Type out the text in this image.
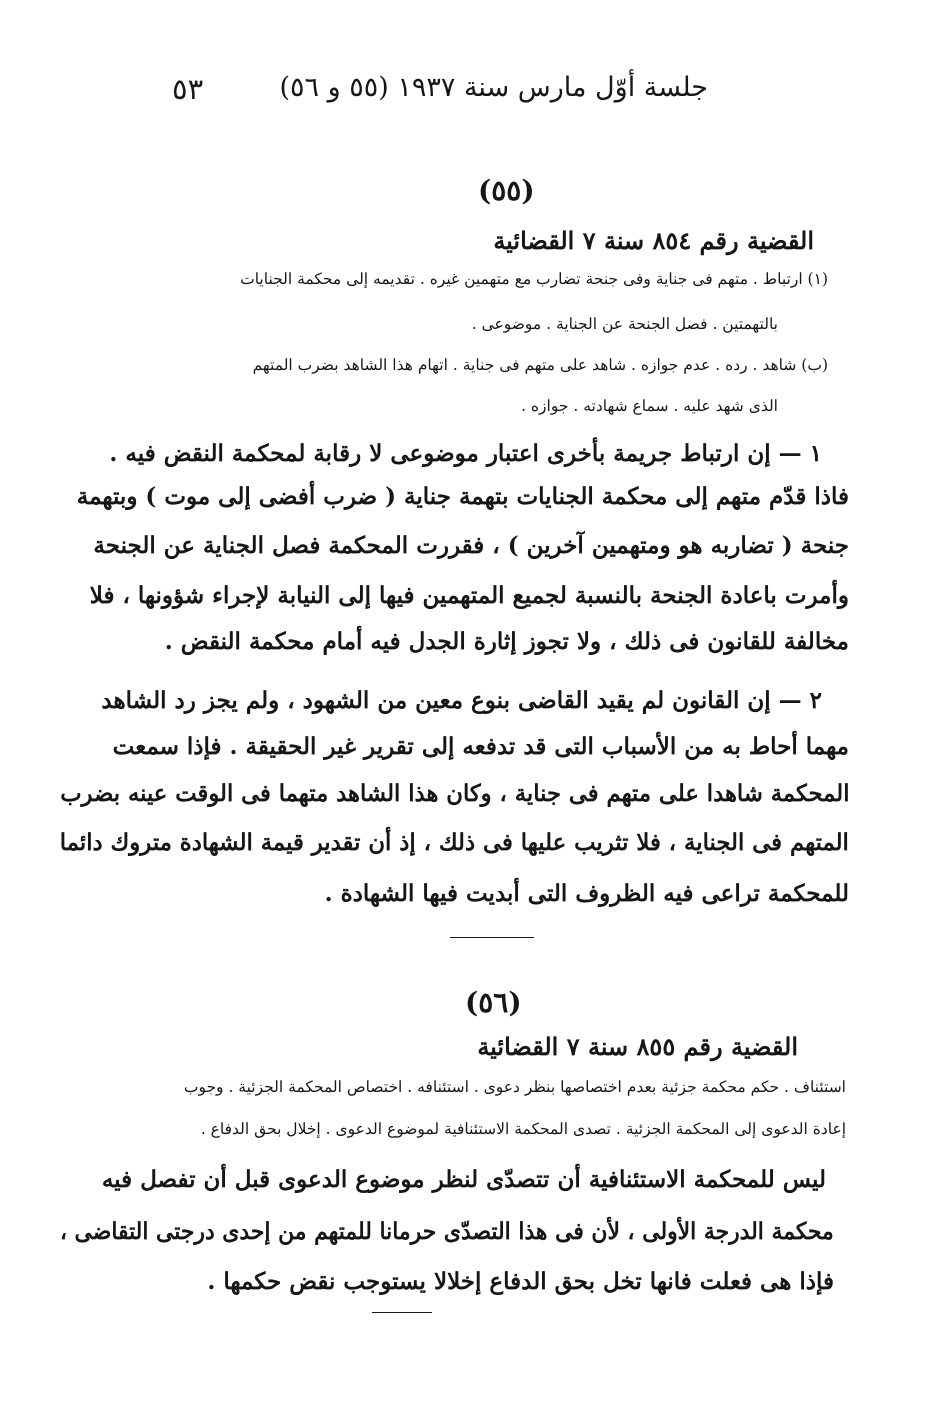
جلسة أوّل مارس سنة ١٩٣٧ (٥٥ و ٥٦)
٥٣
(٥٥)
القضية رقم ٨٥٤ سنة ٧ القضائية
(١) ارتباط . متهم فى جناية وفى جنحة تضارب مع متهمين غيره . تقديمه إلى محكمة الجنايات
بالتهمتين . فصل الجنحة عن الجناية . موضوعى .
(ب) شاهد . رده . عدم جوازه . شاهد على متهم فى جناية . اتهام هذا الشاهد بضرب المتهم
الذى شهد عليه . سماع شهادته . جوازه .
١ — إن ارتباط جريمة بأخرى اعتبار موضوعى لا رقابة لمحكمة النقض فيه .
فاذا قدّم متهم إلى محكمة الجنايات بتهمة جناية ( ضرب أفضى إلى موت ) وبتهمة
جنحة ( تضاربه هو ومتهمين آخرين ) ، فقررت المحكمة فصل الجناية عن الجنحة
وأمرت باعادة الجنحة بالنسبة لجميع المتهمين فيها إلى النيابة لإجراء شؤونها ، فلا
مخالفة للقانون فى ذلك ، ولا تجوز إثارة الجدل فيه أمام محكمة النقض .
٢ — إن القانون لم يقيد القاضى بنوع معين من الشهود ، ولم يجز رد الشاهد
مهما أحاط به من الأسباب التى قد تدفعه إلى تقرير غير الحقيقة . فإذا سمعت
المحكمة شاهدا على متهم فى جناية ، وكان هذا الشاهد متهما فى الوقت عينه بضرب
المتهم فى الجناية ، فلا تثريب عليها فى ذلك ، إذ أن تقدير قيمة الشهادة متروك دائما
للمحكمة تراعى فيه الظروف التى أبديت فيها الشهادة .
(٥٦)
القضية رقم ٨٥٥ سنة ٧ القضائية
استئناف . حكم محكمة جزئية بعدم اختصاصها بنظر دعوى . استئنافه . اختصاص المحكمة الجزئية . وجوب
إعادة الدعوى إلى المحكمة الجزئية . تصدى المحكمة الاستئنافية لموضوع الدعوى . إخلال بحق الدفاع .
ليس للمحكمة الاستئنافية أن تتصدّى لنظر موضوع الدعوى قبل أن تفصل فيه
محكمة الدرجة الأولى ، لأن فى هذا التصدّى حرمانا للمتهم من إحدى درجتى التقاضى ،
فإذا هى فعلت فانها تخل بحق الدفاع إخلالا يستوجب نقض حكمها .
